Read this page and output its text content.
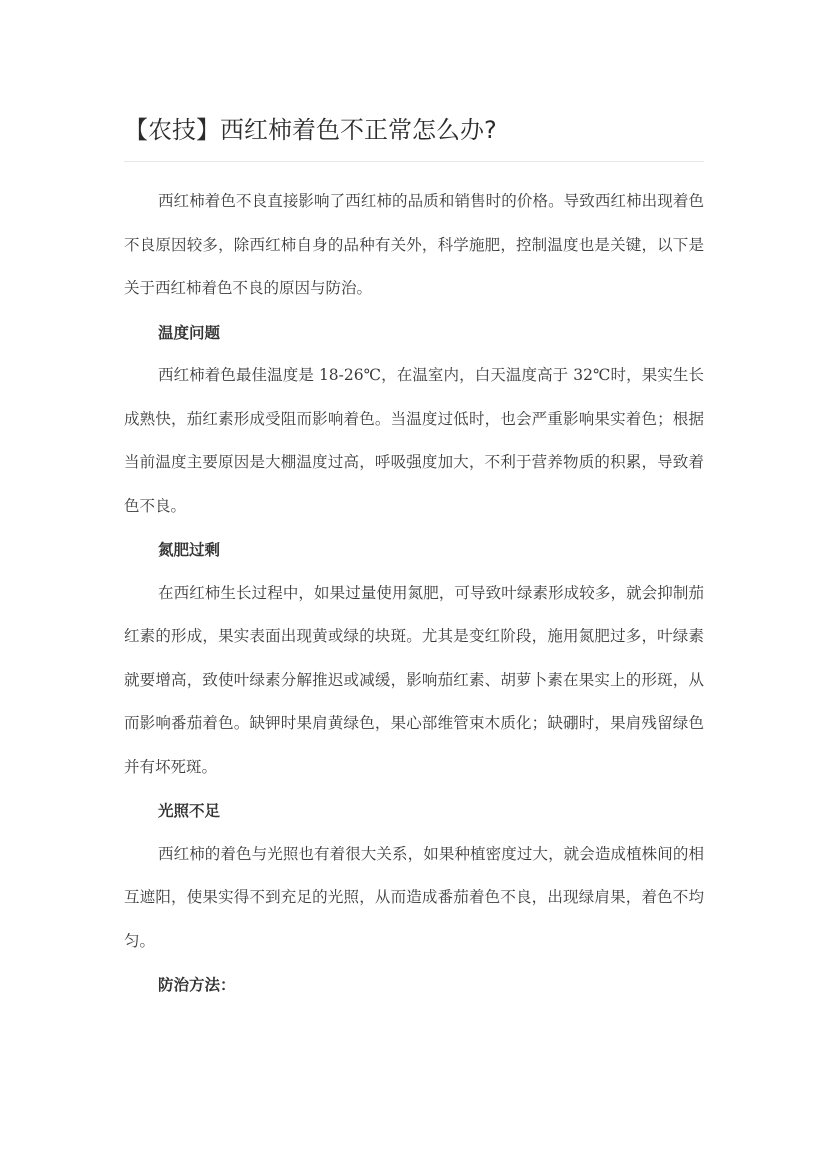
【农技】西红柿着色不正常怎么办?

西红柿着色不良直接影响了西红柿的品质和销售时的价格。导致西红柿出现着色不良原因较多，除西红柿自身的品种有关外，科学施肥，控制温度也是关键，以下是关于西红柿着色不良的原因与防治。

温度问题

西红柿着色最佳温度是 18-26℃，在温室内，白天温度高于 32℃时，果实生长成熟快，茄红素形成受阻而影响着色。当温度过低时，也会严重影响果实着色；根据当前温度主要原因是大棚温度过高，呼吸强度加大，不利于营养物质的积累，导致着色不良。

氮肥过剩

在西红柿生长过程中，如果过量使用氮肥，可导致叶绿素形成较多，就会抑制茄红素的形成，果实表面出现黄或绿的块斑。尤其是变红阶段，施用氮肥过多，叶绿素就要增高，致使叶绿素分解推迟或减缓，影响茄红素、胡萝卜素在果实上的形斑，从而影响番茄着色。缺钾时果肩黄绿色，果心部维管束木质化；缺硼时，果肩残留绿色并有坏死斑。

光照不足

西红柿的着色与光照也有着很大关系，如果种植密度过大，就会造成植株间的相互遮阳，使果实得不到充足的光照，从而造成番茄着色不良，出现绿肩果，着色不均匀。

防治方法：
